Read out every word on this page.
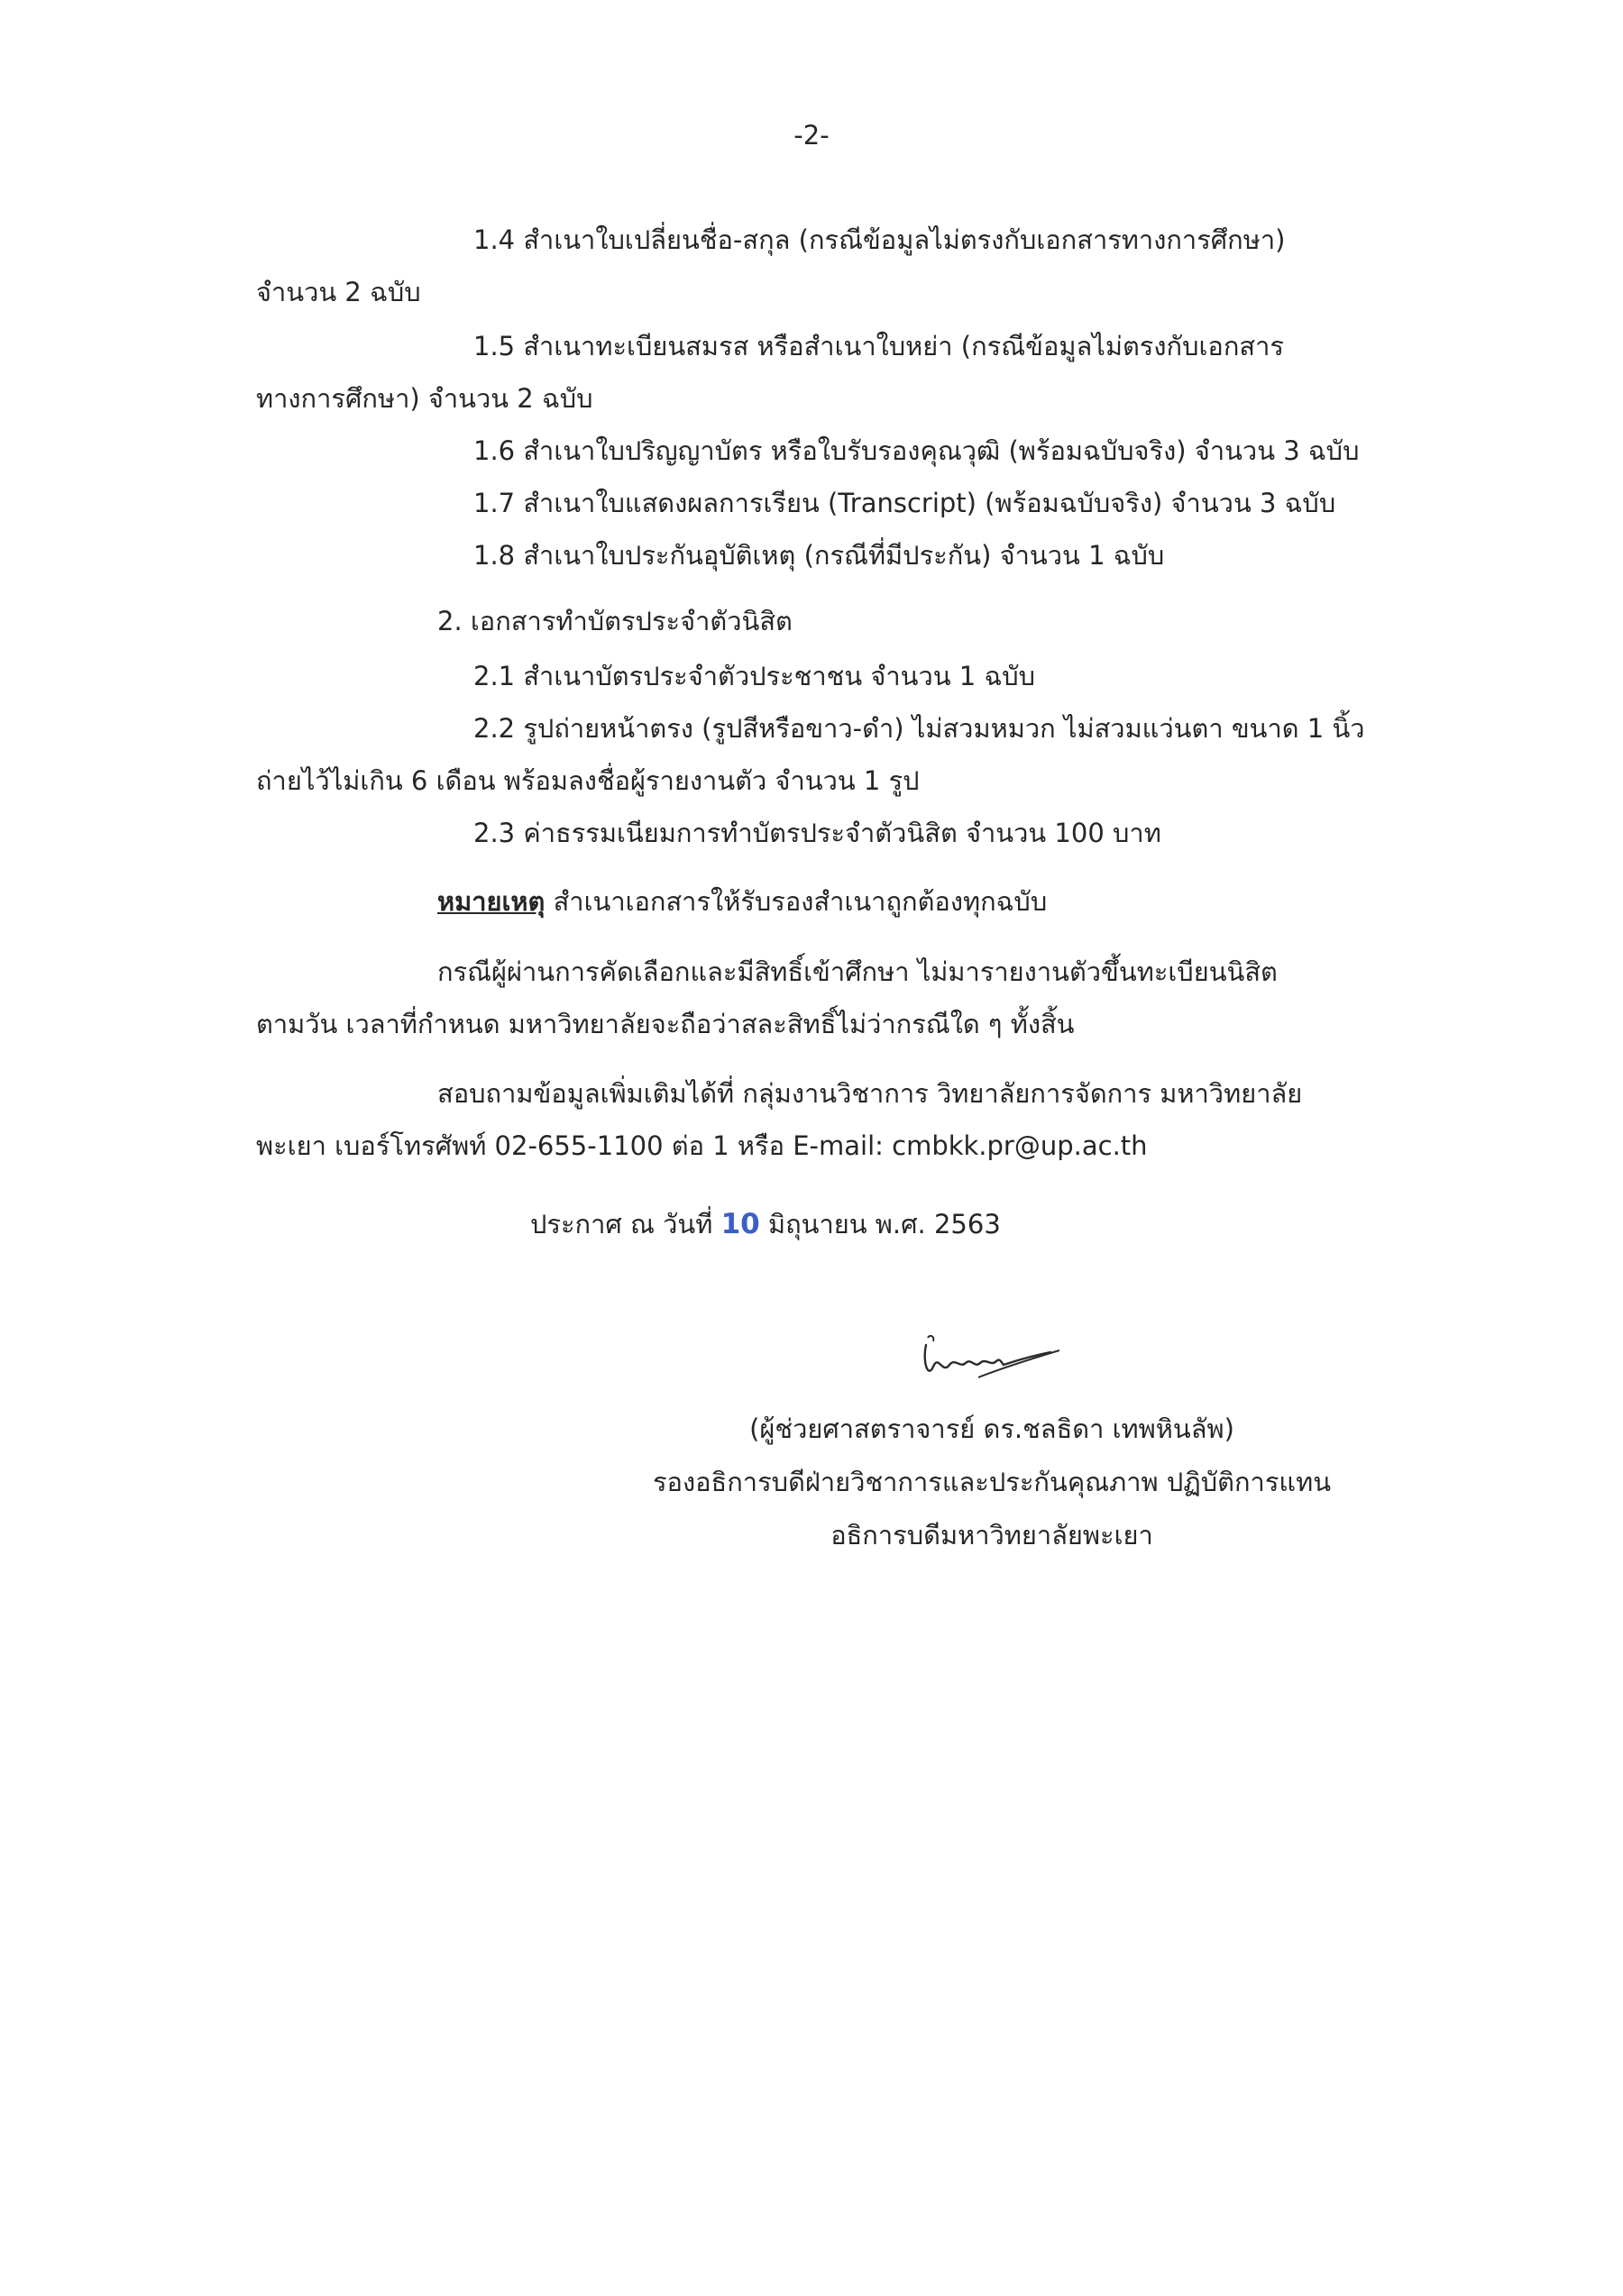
-2-
1.4 สำเนาใบเปลี่ยนชื่อ-สกุล (กรณีข้อมูลไม่ตรงกับเอกสารทางการศึกษา)
จำนวน 2 ฉบับ
1.5 สำเนาทะเบียนสมรส หรือสำเนาใบหย่า (กรณีข้อมูลไม่ตรงกับเอกสาร
ทางการศึกษา) จำนวน 2 ฉบับ
1.6 สำเนาใบปริญญาบัตร หรือใบรับรองคุณวุฒิ (พร้อมฉบับจริง) จำนวน 3 ฉบับ
1.7 สำเนาใบแสดงผลการเรียน (Transcript) (พร้อมฉบับจริง) จำนวน 3 ฉบับ
1.8 สำเนาใบประกันอุบัติเหตุ (กรณีที่มีประกัน) จำนวน 1 ฉบับ
2. เอกสารทำบัตรประจำตัวนิสิต
2.1 สำเนาบัตรประจำตัวประชาชน จำนวน 1 ฉบับ
2.2 รูปถ่ายหน้าตรง (รูปสีหรือขาว-ดำ) ไม่สวมหมวก ไม่สวมแว่นตา ขนาด 1 นิ้ว
ถ่ายไว้ไม่เกิน 6 เดือน พร้อมลงชื่อผู้รายงานตัว จำนวน 1 รูป
2.3 ค่าธรรมเนียมการทำบัตรประจำตัวนิสิต จำนวน 100 บาท
หมายเหตุ สำเนาเอกสารให้รับรองสำเนาถูกต้องทุกฉบับ
กรณีผู้ผ่านการคัดเลือกและมีสิทธิ์เข้าศึกษา ไม่มารายงานตัวขึ้นทะเบียนนิสิต
ตามวัน เวลาที่กำหนด มหาวิทยาลัยจะถือว่าสละสิทธิ์ไม่ว่ากรณีใด ๆ ทั้งสิ้น
สอบถามข้อมูลเพิ่มเติมได้ที่ กลุ่มงานวิชาการ วิทยาลัยการจัดการ มหาวิทยาลัย
พะเยา เบอร์โทรศัพท์ 02-655-1100 ต่อ 1 หรือ E-mail: cmbkk.pr@up.ac.th
ประกาศ ณ วันที่ 10 มิถุนายน พ.ศ. 2563
(ผู้ช่วยศาสตราจารย์ ดร.ชลธิดา เทพหินลัพ)
รองอธิการบดีฝ่ายวิชาการและประกันคุณภาพ ปฏิบัติการแทน
อธิการบดีมหาวิทยาลัยพะเยา
